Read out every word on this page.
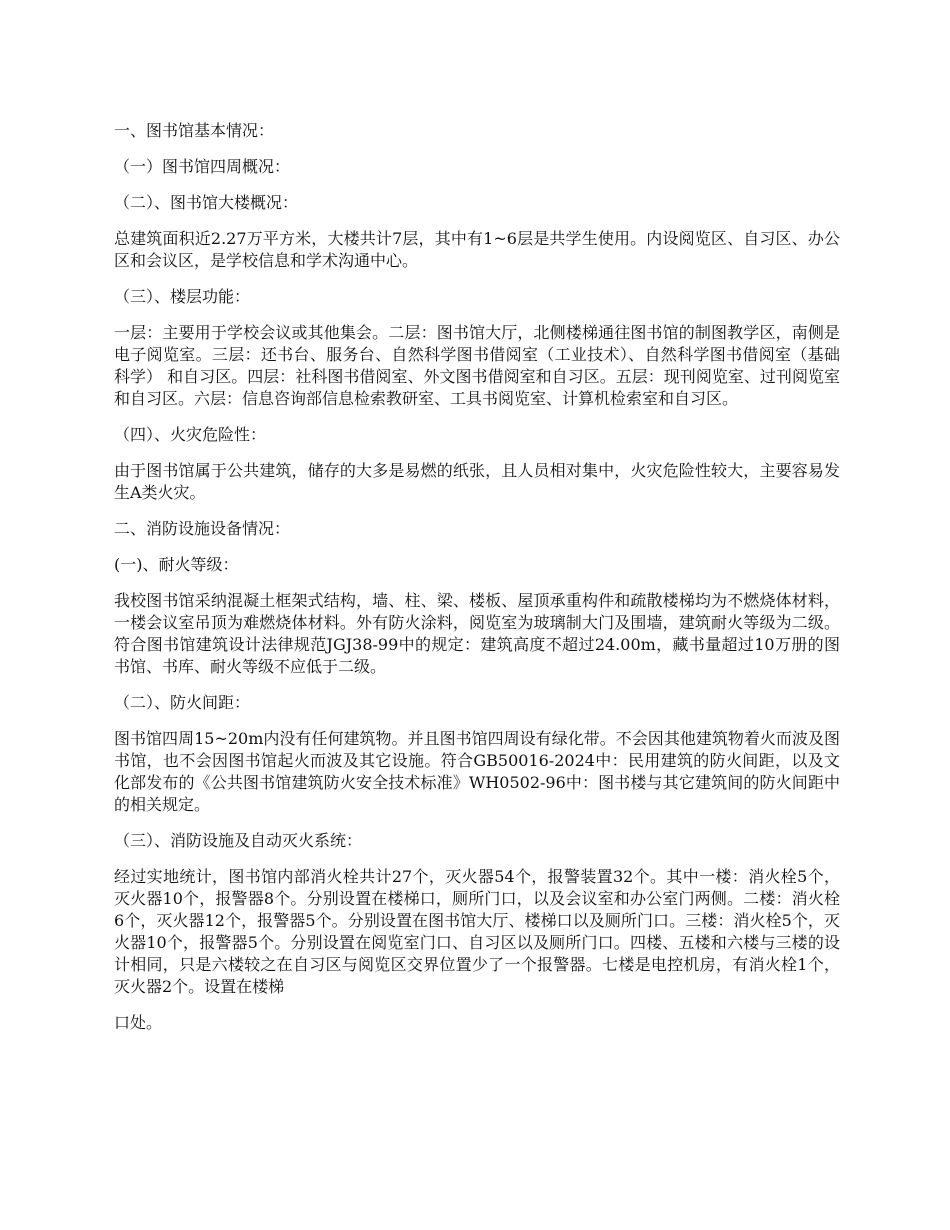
一、图书馆基本情况：

（一）图书馆四周概况：

（二）、图书馆大楼概况：

总建筑面积近2.27万平方米，大楼共计7层，其中有1~6层是共学生使用。内设阅览区、自习区、办公区和会议区，是学校信息和学术沟通中心。

（三）、楼层功能：

一层：主要用于学校会议或其他集会。二层：图书馆大厅，北侧楼梯通往图书馆的制图教学区，南侧是电子阅览室。三层：还书台、服务台、自然科学图书借阅室（工业技术）、自然科学图书借阅室（基础科学） 和自习区。四层：社科图书借阅室、外文图书借阅室和自习区。五层：现刊阅览室、过刊阅览室和自习区。六层：信息咨询部信息检索教研室、工具书阅览室、计算机检索室和自习区。

（四）、火灾危险性：

由于图书馆属于公共建筑，储存的大多是易燃的纸张，且人员相对集中，火灾危险性较大，主要容易发生A类火灾。

二、消防设施设备情况：

(一)、耐火等级：

我校图书馆采纳混凝土框架式结构，墙、柱、梁、楼板、屋顶承重构件和疏散楼梯均为不燃烧体材料，一楼会议室吊顶为难燃烧体材料。外有防火涂料，阅览室为玻璃制大门及围墙，建筑耐火等级为二级。符合图书馆建筑设计法律规范JGJ38-99中的规定：建筑高度不超过24.00m，藏书量超过10万册的图书馆、书库、耐火等级不应低于二级。

（二）、防火间距：

图书馆四周15~20m内没有任何建筑物。并且图书馆四周设有绿化带。不会因其他建筑物着火而波及图书馆，也不会因图书馆起火而波及其它设施。符合GB50016-2024中：民用建筑的防火间距，以及文化部发布的《公共图书馆建筑防火安全技术标准》WH0502-96中：图书楼与其它建筑间的防火间距中的相关规定。

（三）、消防设施及自动灭火系统：

经过实地统计，图书馆内部消火栓共计27个，灭火器54个，报警装置32个。其中一楼：消火栓5个，灭火器10个，报警器8个。分别设置在楼梯口，厕所门口，以及会议室和办公室门两侧。二楼：消火栓6个，灭火器12个，报警器5个。分别设置在图书馆大厅、楼梯口以及厕所门口。三楼：消火栓5个，灭火器10个，报警器5个。分别设置在阅览室门口、自习区以及厕所门口。四楼、五楼和六楼与三楼的设计相同，只是六楼较之在自习区与阅览区交界位置少了一个报警器。七楼是电控机房，有消火栓1个，灭火器2个。设置在楼梯

口处。
